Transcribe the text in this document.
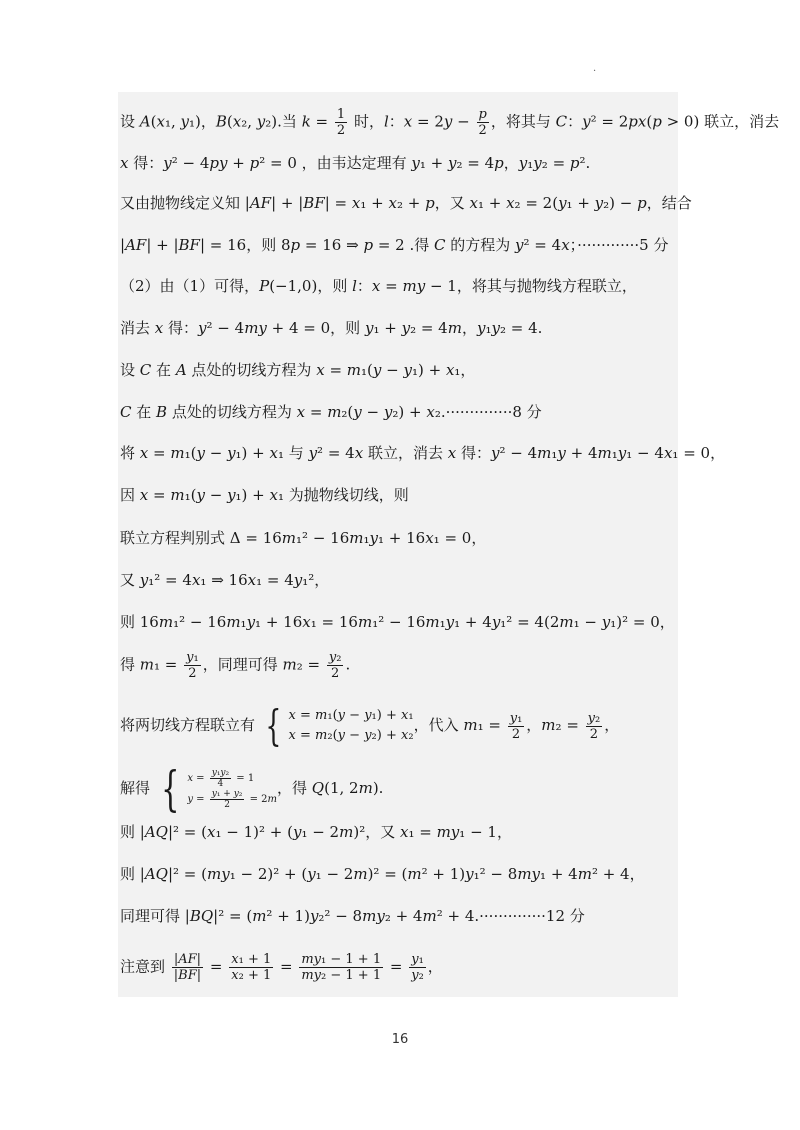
·
设 A(x₁, y₁)，B(x₂, y₂).当 $k = \frac{1}{2}$ 时，l：$x = 2y - \frac{p}{2}$ ，将其与 C：y² = 2px(p > 0) 联立，消去
x 得：y² − 4py + p² = 0 ，由韦达定理有 y₁ + y₂ = 4p，y₁y₂ = p².
又由抛物线定义知 |AF| + |BF| = x₁ + x₂ + p，又 x₁ + x₂ = 2(y₁ + y₂) − p，结合
|AF| + |BF| = 16，则 8p = 16 ⇒ p = 2 .得 C 的方程为 y² = 4x；·············5 分
（2）由（1）可得，P(−1,0)，则 l：x = my − 1，将其与抛物线方程联立，
消去 x 得：y² − 4my + 4 = 0，则 y₁ + y₂ = 4m，y₁y₂ = 4.
设 C 在 A 点处的切线方程为 x = m₁(y − y₁) + x₁，
C 在 B 点处的切线方程为 x = m₂(y − y₂) + x₂.··············8 分
将 x = m₁(y − y₁) + x₁ 与 y² = 4x 联立，消去 x 得：y² − 4m₁y + 4m₁y₁ − 4x₁ = 0，
因 x = m₁(y − y₁) + x₁ 为抛物线切线，则
联立方程判别式 Δ = 16m₁² − 16m₁y₁ + 16x₁ = 0，
又 y₁² = 4x₁ ⇒ 16x₁ = 4y₁²，
则 16m₁² − 16m₁y₁ + 16x₁ = 16m₁² − 16m₁y₁ + 4y₁² = 4(2m₁ − y₁)² = 0，
得 $m_1 = \frac{\text{y₁}}{2}$ ，同理可得 $m_2 = \frac{\text{y₂}}{2}$ .
将两切线方程联立有 { x = m₁(y − y₁) + x₁
x = m₂(y − y₂) + x₂
，代入 $m_1 = \frac{\text{y₁}}{2}$ ，$m_2 = \frac{\text{y₂}}{2}$ ，
解得 { $x = \frac{\text{y₁y₂}}{4} = 1$
$y = \frac{\text{y₁ + y₂}}{2} = 2m$
，得 Q(1, 2m).
则 |AQ|² = (x₁ − 1)² + (y₁ − 2m)²，又 x₁ = my₁ − 1，
则 |AQ|² = (my₁ − 2)² + (y₁ − 2m)² = (m² + 1)y₁² − 8my₁ + 4m² + 4，
同理可得 |BQ|² = (m² + 1)y₂² − 8my₂ + 4m² + 4.··············12 分
注意到 $\frac{|AF|}{|BF|} = \frac{\text{x₁ + 1}}{\text{x₂ + 1}} = \frac{\text{my₁ − 1 + 1}}{\text{my₂ − 1 + 1}} = \frac{\text{y₁}}{\text{y₂}}$ ，
16
